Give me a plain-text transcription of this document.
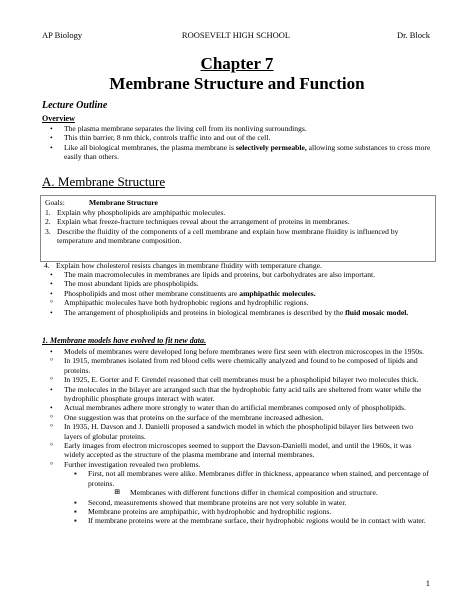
AP Biology	ROOSEVELT HIGH SCHOOL	Dr. Block
Chapter 7
Membrane Structure and Function
Lecture Outline
Overview
• The plasma membrane separates the living cell from its nonliving surroundings.
• This thin barrier, 8 nm thick, controls traffic into and out of the cell.
• Like all biological membranes, the plasma membrane is selectively permeable, allowing some substances to cross more easily than others.
A. Membrane Structure
Goals:	Membrane Structure
1. Explain why phospholipids are amphipathic molecules.
2. Explain what freeze-fracture techniques reveal about the arrangement of proteins in membranes.
3. Describe the fluidity of the components of a cell membrane and explain how membrane fluidity is influenced by temperature and membrane composition.
4. Explain how cholesterol resists changes in membrane fluidity with temperature change.
• The main macromolecules in membranes are lipids and proteins, but carbohydrates are also important.
• The most abundant lipids are phospholipids.
• Phospholipids and most other membrane constituents are amphipathic molecules.
° Amphipathic molecules have both hydrophobic regions and hydrophilic regions.
• The arrangement of phospholipids and proteins in biological membranes is described by the fluid mosaic model.
1. Membrane models have evolved to fit new data.
• Models of membranes were developed long before membranes were first seen with electron microscopes in the 1950s.
° In 1915, membranes isolated from red blood cells were chemically analyzed and found to be composed of lipids and proteins.
° In 1925, E. Gorter and F. Grendel reasoned that cell membranes must be a phospholipid bilayer two molecules thick.
• The molecules in the bilayer are arranged such that the hydrophobic fatty acid tails are sheltered from water while the hydrophilic phosphate groups interact with water.
• Actual membranes adhere more strongly to water than do artificial membranes composed only of phospholipids.
° One suggestion was that proteins on the surface of the membrane increased adhesion.
° In 1935, H. Davson and J. Danielli proposed a sandwich model in which the phospholipid bilayer lies between two layers of globular proteins.
° Early images from electron microscopes seemed to support the Davson-Danielli model, and until the 1960s, it was widely accepted as the structure of the plasma membrane and internal membranes.
° Further investigation revealed two problems.
▪ First, not all membranes were alike. Membranes differ in thickness, appearance when stained, and percentage of proteins.
⊞ Membranes with different functions differ in chemical composition and structure.
▪ Second, measurements showed that membrane proteins are not very soluble in water.
▪ Membrane proteins are amphipathic, with hydrophobic and hydrophilic regions.
▪ If membrane proteins were at the membrane surface, their hydrophobic regions would be in contact with water.
1
